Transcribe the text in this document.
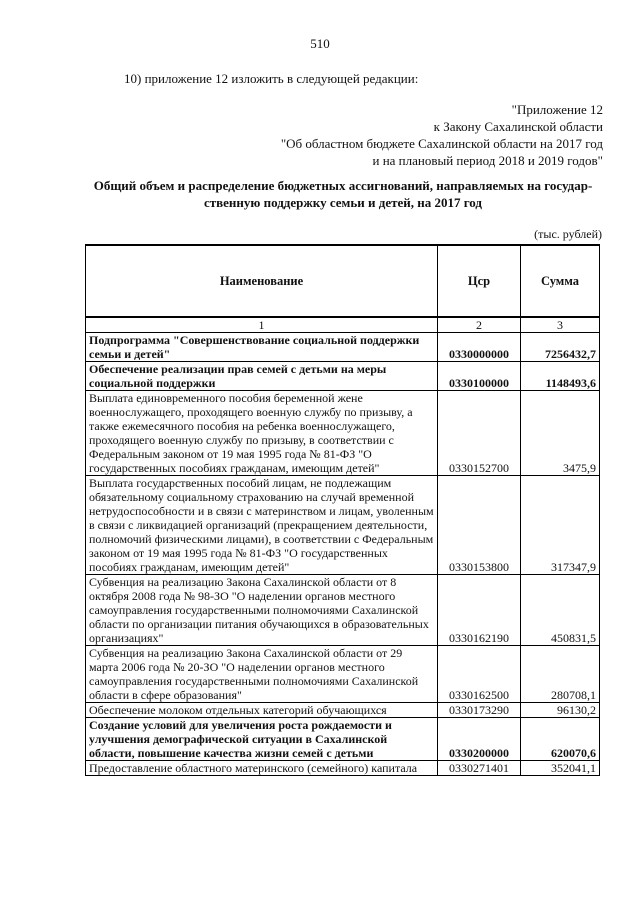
510
10) приложение 12 изложить в следующей редакции:
"Приложение 12
к Закону Сахалинской области
"Об областном бюджете Сахалинской области на 2017 год
и на плановый период 2018 и 2019 годов"
Общий объем и распределение бюджетных ассигнований, направляемых на государ-
ственную поддержку семьи и детей, на 2017 год
(тыс. рублей)
Наименование	Цср	Сумма
1	2	3
Подпрограмма "Совершенствование социальной поддержки семьи и детей"	0330000000	7256432,7
Обеспечение реализации прав семей с детьми на меры социальной поддержки	0330100000	1148493,6
Выплата единовременного пособия беременной жене военнослужащего, проходящего военную службу по призыву, а также ежемесячного пособия на ребенка военнослужащего, проходящего военную службу по призыву, в соответствии с Федеральным законом от 19 мая 1995 года № 81-ФЗ "О государственных пособиях гражданам, имеющим детей"	0330152700	3475,9
Выплата государственных пособий лицам, не подлежащим обязательному социальному страхованию на случай временной нетрудоспособности и в связи с материнством и лицам, уволенным в связи с ликвидацией организаций (прекращением деятельности, полномочий физическими лицами), в соответствии с Федеральным законом от 19 мая 1995 года № 81-ФЗ "О государственных пособиях гражданам, имеющим детей"	0330153800	317347,9
Субвенция на реализацию Закона Сахалинской области от 8 октября 2008 года № 98-ЗО "О наделении органов местного самоуправления государственными полномочиями Сахалинской области по организации питания обучающихся в образовательных организациях"	0330162190	450831,5
Субвенция на реализацию Закона Сахалинской области от 29 марта 2006 года № 20-ЗО "О наделении органов местного самоуправления государственными полномочиями Сахалинской области в сфере образования"	0330162500	280708,1
Обеспечение молоком отдельных категорий обучающихся	0330173290	96130,2
Создание условий для увеличения роста рождаемости и улучшения демографической ситуации в Сахалинской области, повышение качества жизни семей с детьми	0330200000	620070,6
Предоставление областного материнского (семейного) капитала	0330271401	352041,1
